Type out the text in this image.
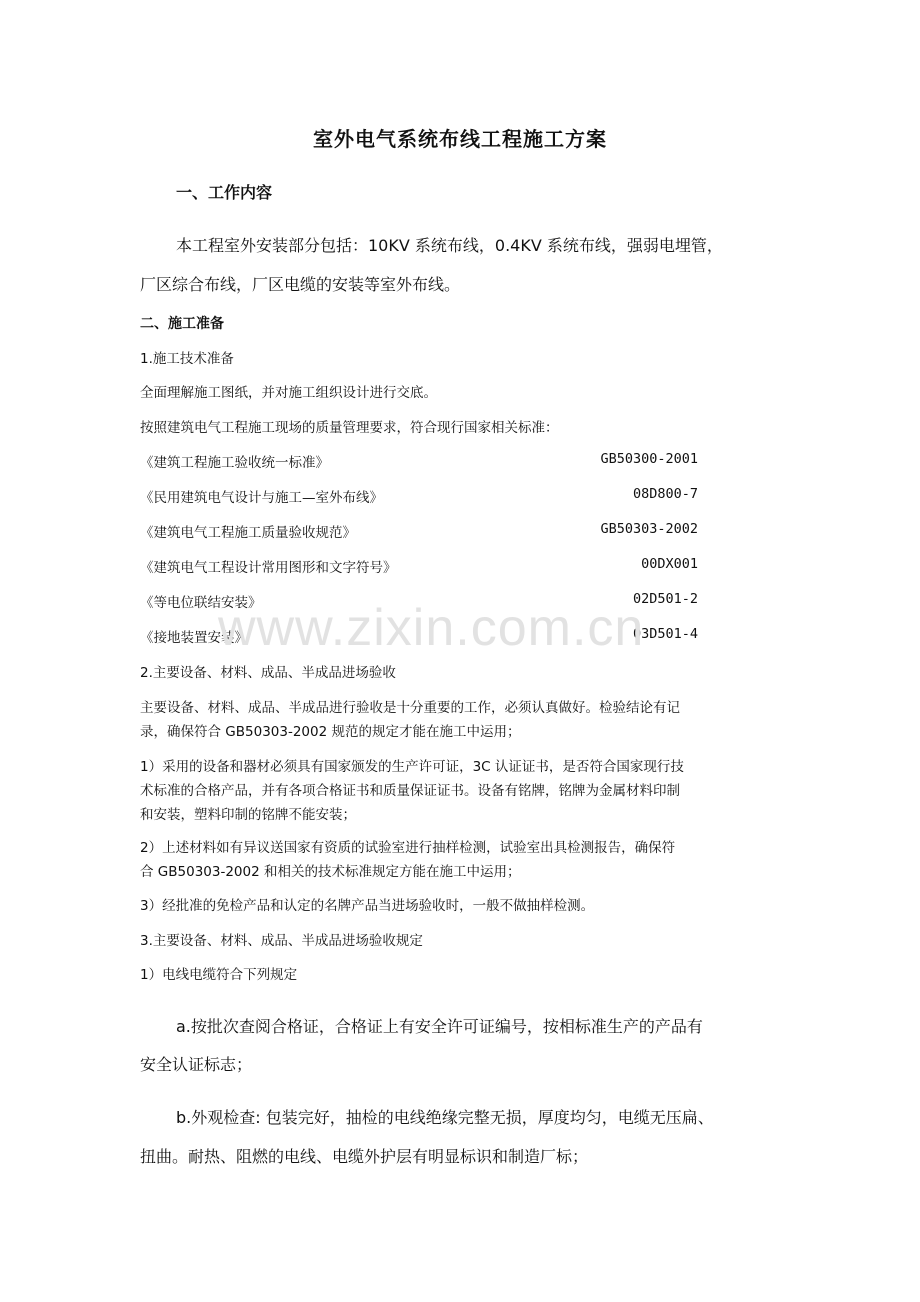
室外电气系统布线工程施工方案
一、工作内容
本工程室外安装部分包括：10KV 系统布线，0.4KV 系统布线，强弱电埋管，
厂区综合布线，厂区电缆的安装等室外布线。
二、施工准备
1.施工技术准备
全面理解施工图纸，并对施工组织设计进行交底。
按照建筑电气工程施工现场的质量管理要求，符合现行国家相关标准：
《建筑工程施工验收统一标准》	GB50300-2001
《民用建筑电气设计与施工—室外布线》	08D800-7
《建筑电气工程施工质量验收规范》	GB50303-2002
《建筑电气工程设计常用图形和文字符号》	00DX001
《等电位联结安装》	02D501-2
《接地装置安装》	03D501-4
www.zixin.com.cn
2.主要设备、材料、成品、半成品进场验收
主要设备、材料、成品、半成品进行验收是十分重要的工作，必须认真做好。检验结论有记
录，确保符合 GB50303-2002 规范的规定才能在施工中运用；
1）采用的设备和器材必须具有国家颁发的生产许可证，3C 认证证书，是否符合国家现行技
术标准的合格产品，并有各项合格证书和质量保证证书。设备有铭牌，铭牌为金属材料印制
和安装，塑料印制的铭牌不能安装；
2）上述材料如有异议送国家有资质的试验室进行抽样检测，试验室出具检测报告，确保符
合 GB50303-2002 和相关的技术标准规定方能在施工中运用；
3）经批准的免检产品和认定的名牌产品当进场验收时，一般不做抽样检测。
3.主要设备、材料、成品、半成品进场验收规定
1）电线电缆符合下列规定
a.按批次查阅合格证，合格证上有安全许可证编号，按相标准生产的产品有
安全认证标志；
b.外观检查: 包装完好，抽检的电线绝缘完整无损，厚度均匀，电缆无压扁、
扭曲。耐热、阻燃的电线、电缆外护层有明显标识和制造厂标；
